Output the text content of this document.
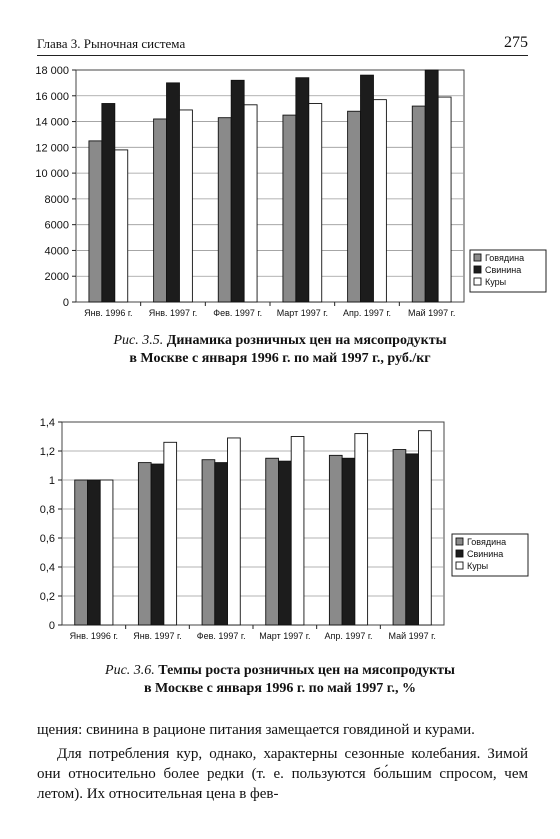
Глава 3. Рыночная система	275
0
2000
4000
6000
8000
10 000
12 000
14 000
16 000
18 000
Янв. 1996 г. Янв. 1997 г. Фев. 1997 г. Март 1997 г. Апр. 1997 г. Май 1997 г.
Говядина
Свинина
Куры
Рис. 3.5. Динамика розничных цен на мясопродукты
в Москве с января 1996 г. по май 1997 г., руб./кг
0
0,2
0,4
0,6
0,8
1
1,2
1,4
Янв. 1996 г. Янв. 1997 г. Фев. 1997 г. Март 1997 г. Апр. 1997 г. Май 1997 г.
Говядина
Свинина
Куры
Рис. 3.6. Темпы роста розничных цен на мясопродукты
в Москве с января 1996 г. по май 1997 г., %

щения: свинина в рационе питания замещается говядиной и курами.

Для потребления кур, однако, характерны сезонные колебания. Зимой они относительно более редки (т. е. пользуются бо́льшим спросом, чем летом). Их относительная цена в фев-
